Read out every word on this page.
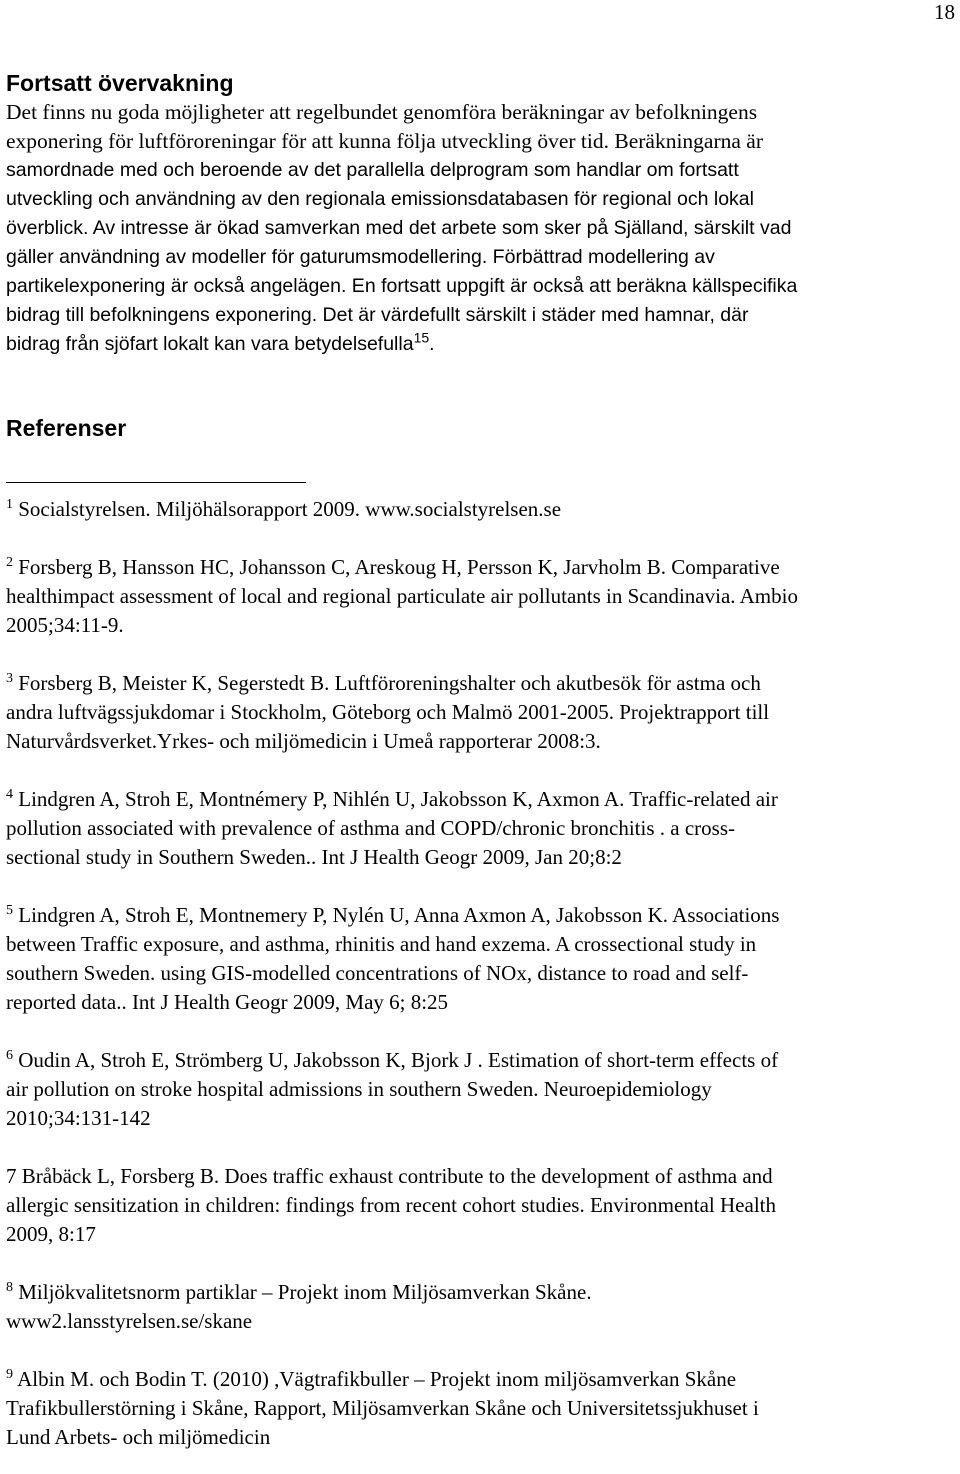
18
Fortsatt övervakning

Det finns nu goda möjligheter att regelbundet genomföra beräkningar av befolkningens
exponering för luftföroreningar för att kunna följa utveckling över tid. Beräkningarna är
samordnade med och beroende av det parallella delprogram som handlar om fortsatt
utveckling och användning av den regionala emissionsdatabasen för regional och lokal
överblick. Av intresse är ökad samverkan med det arbete som sker på Själland, särskilt vad
gäller användning av modeller för gaturumsmodellering. Förbättrad modellering av
partikelexponering är också angelägen. En fortsatt uppgift är också att beräkna källspecifika
bidrag till befolkningens exponering. Det är värdefullt särskilt i städer med hamnar, där
bidrag från sjöfart lokalt kan vara betydelsefulla$^{15}$.

Referenser

$^1$ Socialstyrelsen. Miljöhälsorapport 2009. www.socialstyrelsen.se

$^2$ Forsberg B, Hansson HC, Johansson C, Areskoug H, Persson K, Jarvholm B. Comparative
healthimpact assessment of local and regional particulate air pollutants in Scandinavia. Ambio
2005;34:11-9.

$^3$ Forsberg B, Meister K, Segerstedt B. Luftföroreningshalter och akutbesök för astma och
andra luftvägssjukdomar i Stockholm, Göteborg och Malmö 2001-2005. Projektrapport till
Naturvårdsverket.Yrkes- och miljömedicin i Umeå rapporterar 2008:3.

$^4$ Lindgren A, Stroh E, Montnémery P, Nihlén U, Jakobsson K, Axmon A. Traffic-related air
pollution associated with prevalence of asthma and COPD/chronic bronchitis . a cross-
sectional study in Southern Sweden.. Int J Health Geogr 2009, Jan 20;8:2

$^5$ Lindgren A, Stroh E, Montnemery P, Nylén U, Anna Axmon A, Jakobsson K. Associations
between Traffic exposure, and asthma, rhinitis and hand exzema. A crossectional study in
southern Sweden. using GIS-modelled concentrations of NOx, distance to road and self-
reported data.. Int J Health Geogr 2009, May 6; 8:25

$^6$ Oudin A, Stroh E, Strömberg U, Jakobsson K, Bjork J . Estimation of short-term effects of
air pollution on stroke hospital admissions in southern Sweden. Neuroepidemiology
2010;34:131-142

7 Bråbäck L, Forsberg B. Does traffic exhaust contribute to the development of asthma and
allergic sensitization in children: findings from recent cohort studies. Environmental Health
2009, 8:17

$^8$ Miljökvalitetsnorm partiklar – Projekt inom Miljösamverkan Skåne.
www2.lansstyrelsen.se/skane

$^9$ Albin M. och Bodin T. (2010) ,Vägtrafikbuller – Projekt inom miljösamverkan Skåne
Trafikbullerstörning i Skåne, Rapport, Miljösamverkan Skåne och Universitetssjukhuset i
Lund Arbets- och miljömedicin
